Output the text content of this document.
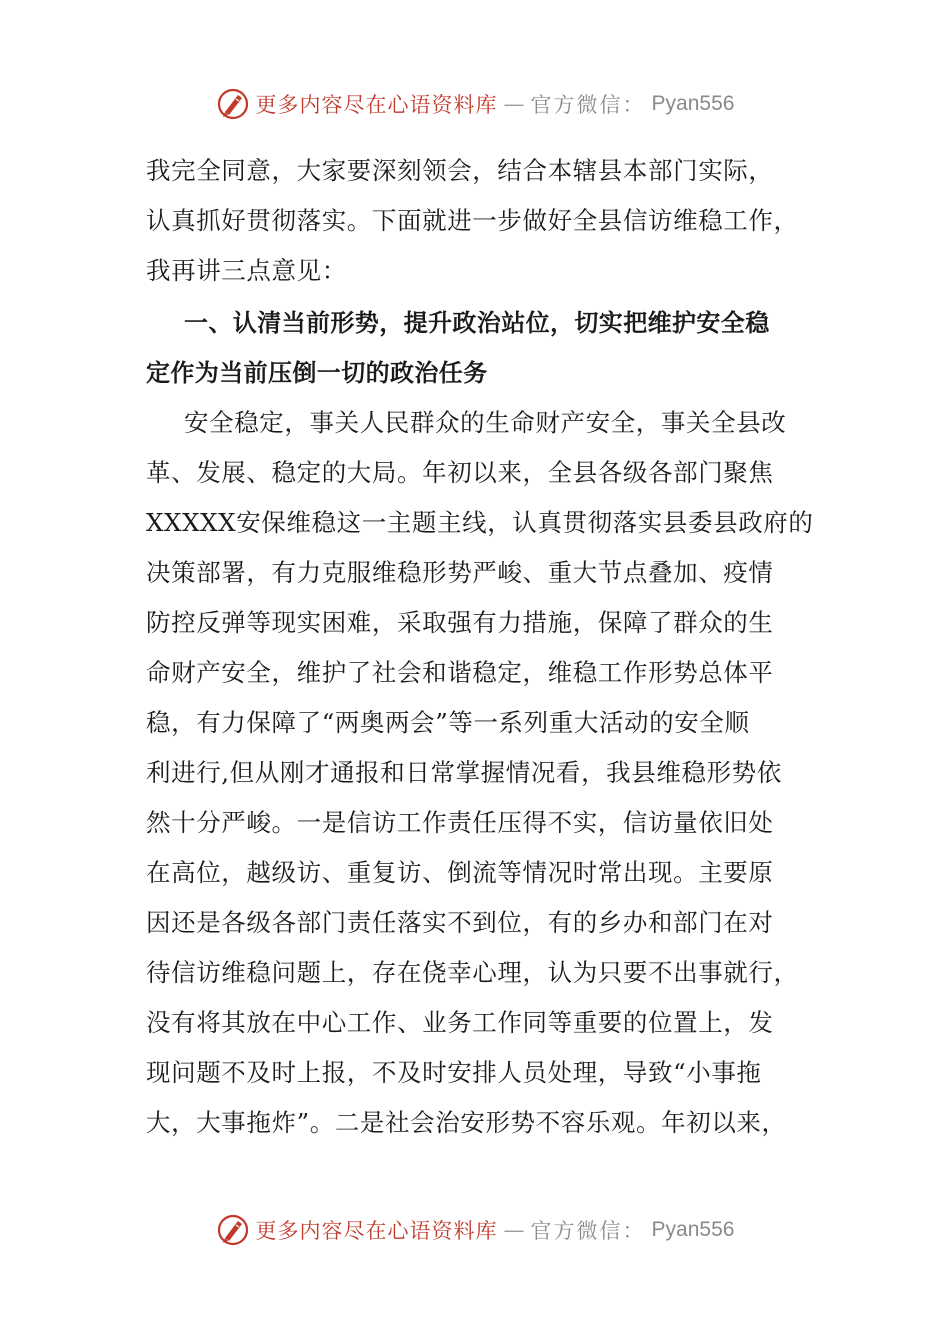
更多内容尽在心语资料库 — 官方微信： Pyan556
我完全同意，大家要深刻领会，结合本辖县本部门实际，
认真抓好贯彻落实。下面就进一步做好全县信访维稳工作，
我再讲三点意见：
一、认清当前形势，提升政治站位，切实把维护安全稳
定作为当前压倒一切的政治任务
安全稳定，事关人民群众的生命财产安全，事关全县改
革、发展、稳定的大局。年初以来，全县各级各部门聚焦
XXXXX安保维稳这一主题主线，认真贯彻落实县委县政府的
决策部署，有力克服维稳形势严峻、重大节点叠加、疫情
防控反弹等现实困难，采取强有力措施，保障了群众的生
命财产安全，维护了社会和谐稳定，维稳工作形势总体平
稳，有力保障了“两奥两会”等一系列重大活动的安全顺
利进行,但从刚才通报和日常掌握情况看，我县维稳形势依
然十分严峻。一是信访工作责任压得不实，信访量依旧处
在高位，越级访、重复访、倒流等情况时常出现。主要原
因还是各级各部门责任落实不到位，有的乡办和部门在对
待信访维稳问题上，存在侥幸心理，认为只要不出事就行，
没有将其放在中心工作、业务工作同等重要的位置上，发
现问题不及时上报，不及时安排人员处理，导致“小事拖
大，大事拖炸”。二是社会治安形势不容乐观。年初以来，
更多内容尽在心语资料库 — 官方微信： Pyan556
